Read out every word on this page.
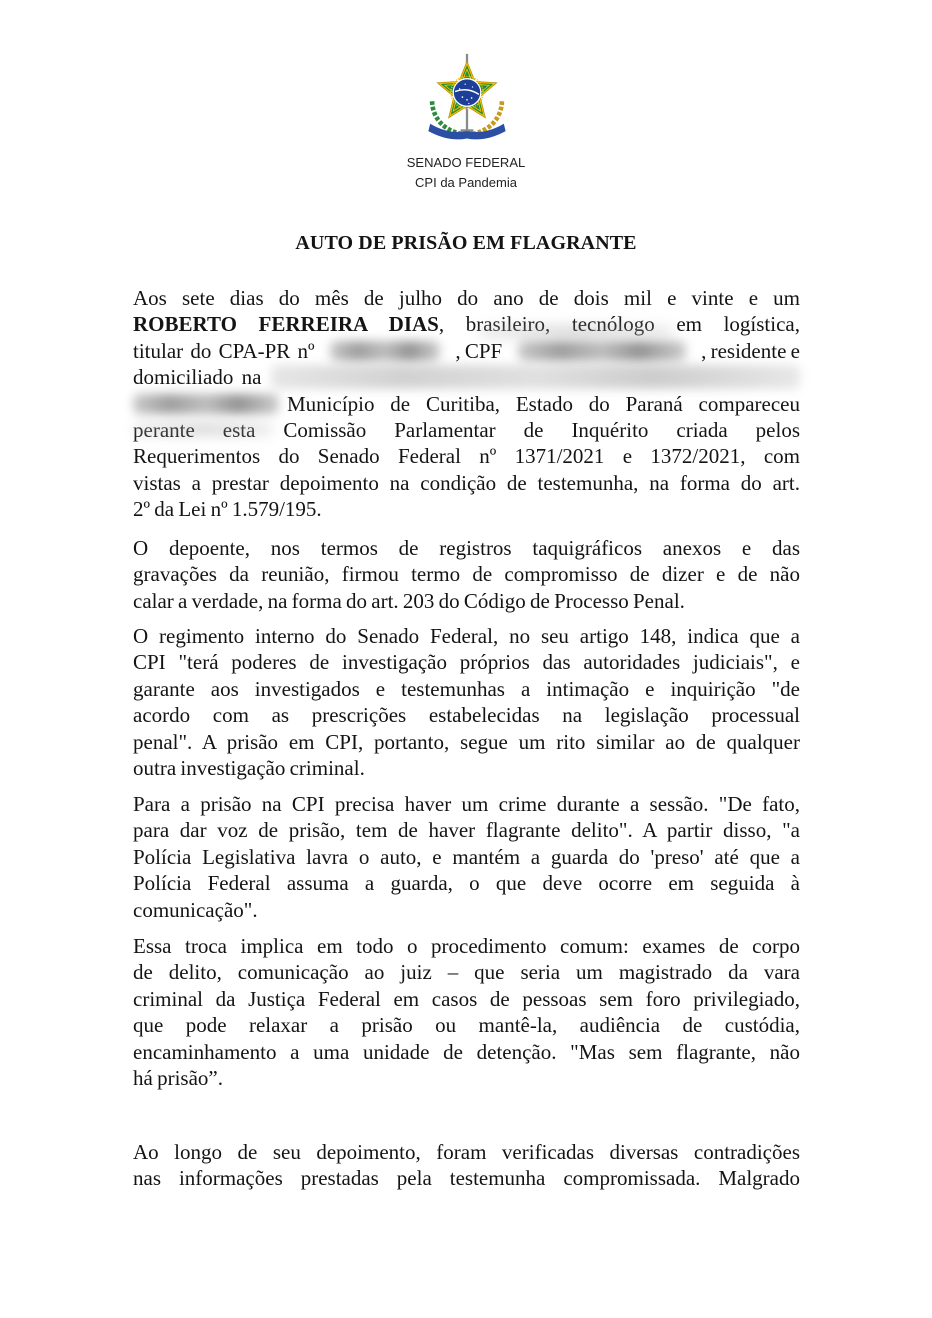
SENADO FEDERAL
CPI da Pandemia
AUTO DE PRISÃO EM FLAGRANTE
Aos sete dias do mês de julho do ano de dois mil e vinte e um
ROBERTO FERREIRA DIAS, brasileiro, tecnólogo em logística,
titular do CPA-PR nº	, CPF	, residente e
domiciliado na
Município de Curitiba, Estado do Paraná compareceu
perante esta Comissão Parlamentar de Inquérito criada pelos
Requerimentos do Senado Federal nº 1371/2021 e 1372/2021, com
vistas a prestar depoimento na condição de testemunha, na forma do art.
2º da Lei nº 1.579/195.
O depoente, nos termos de registros taquigráficos anexos e das
gravações da reunião, firmou termo de compromisso de dizer e de não
calar a verdade, na forma do art. 203 do Código de Processo Penal.
O regimento interno do Senado Federal, no seu artigo 148, indica que a
CPI "terá poderes de investigação próprios das autoridades judiciais", e
garante aos investigados e testemunhas a intimação e inquirição "de
acordo com as prescrições estabelecidas na legislação processual
penal". A prisão em CPI, portanto, segue um rito similar ao de qualquer
outra investigação criminal.
Para a prisão na CPI precisa haver um crime durante a sessão. "De fato,
para dar voz de prisão, tem de haver flagrante delito". A partir disso, "a
Polícia Legislativa lavra o auto, e mantém a guarda do 'preso' até que a
Polícia Federal assuma a guarda, o que deve ocorre em seguida à
comunicação".
Essa troca implica em todo o procedimento comum: exames de corpo
de delito, comunicação ao juiz – que seria um magistrado da vara
criminal da Justiça Federal em casos de pessoas sem foro privilegiado,
que pode relaxar a prisão ou mantê-la, audiência de custódia,
encaminhamento a uma unidade de detenção. "Mas sem flagrante, não
há prisão”.
Ao longo de seu depoimento, foram verificadas diversas contradições
nas informações prestadas pela testemunha compromissada. Malgrado
